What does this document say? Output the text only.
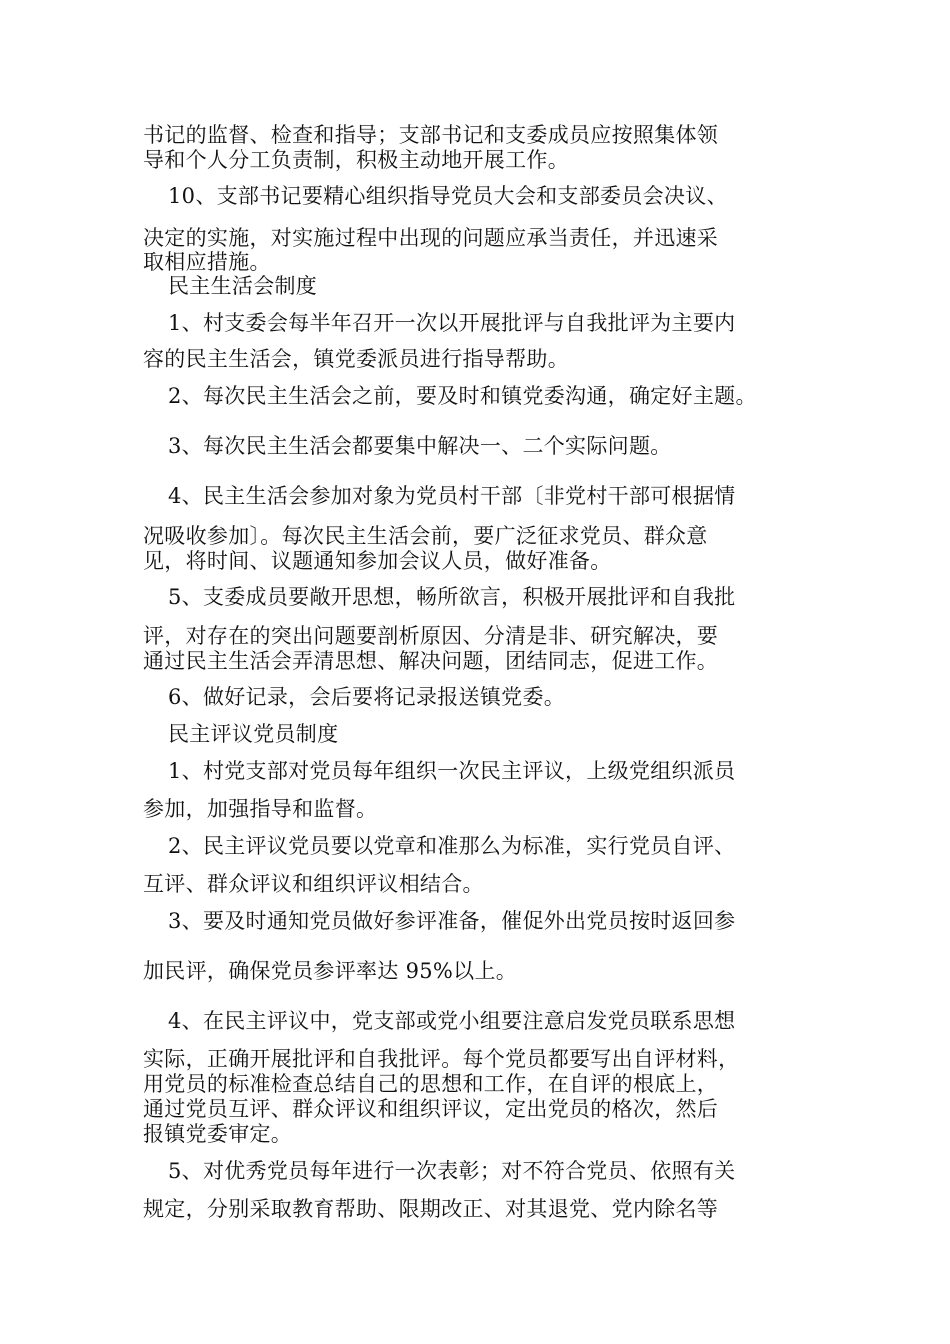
书记的监督、检查和指导；支部书记和支委成员应按照集体领
导和个人分工负责制，积极主动地开展工作。
10、支部书记要精心组织指导党员大会和支部委员会决议、
决定的实施，对实施过程中出现的问题应承当责任，并迅速采
取相应措施。
民主生活会制度
1、村支委会每半年召开一次以开展批评与自我批评为主要内
容的民主生活会，镇党委派员进行指导帮助。
2、每次民主生活会之前，要及时和镇党委沟通，确定好主题。
3、每次民主生活会都要集中解决一、二个实际问题。
4、民主生活会参加对象为党员村干部〔非党村干部可根据情
况吸收参加〕。每次民主生活会前，要广泛征求党员、群众意
见，将时间、议题通知参加会议人员，做好准备。
5、支委成员要敞开思想，畅所欲言，积极开展批评和自我批
评，对存在的突出问题要剖析原因、分清是非、研究解决，要
通过民主生活会弄清思想、解决问题，团结同志，促进工作。
6、做好记录，会后要将记录报送镇党委。
民主评议党员制度
1、村党支部对党员每年组织一次民主评议，上级党组织派员
参加，加强指导和监督。
2、民主评议党员要以党章和准那么为标准，实行党员自评、
互评、群众评议和组织评议相结合。
3、要及时通知党员做好参评准备，催促外出党员按时返回参
加民评，确保党员参评率达 95%以上。
4、在民主评议中，党支部或党小组要注意启发党员联系思想
实际，正确开展批评和自我批评。每个党员都要写出自评材料，
用党员的标准检查总结自己的思想和工作，在自评的根底上，
通过党员互评、群众评议和组织评议，定出党员的格次，然后
报镇党委审定。
5、对优秀党员每年进行一次表彰；对不符合党员、依照有关
规定，分别采取教育帮助、限期改正、对其退党、党内除名等
